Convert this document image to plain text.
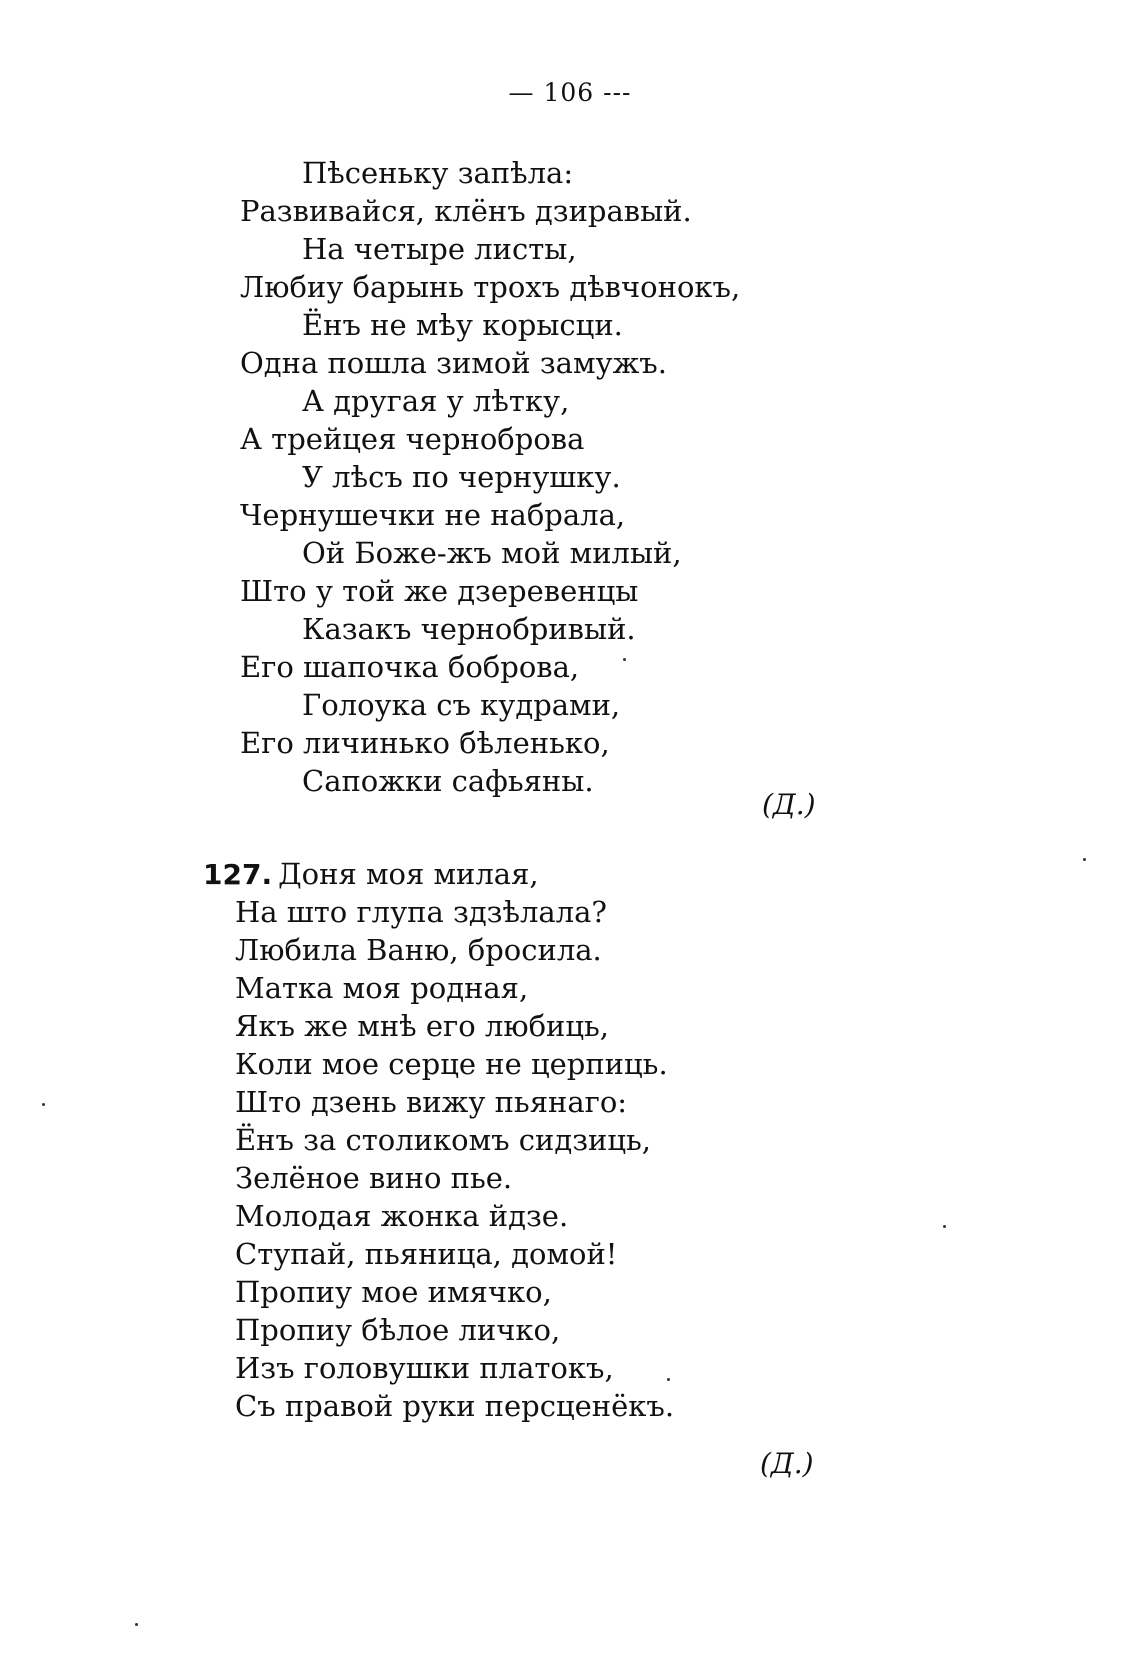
— 106 ---
Пѣсеньку запѣла:
Развивайся, клёнъ дзиравый.
На четыре листы,
Любиу барынь трохъ дѣвчонокъ,
Ёнъ не мѣу корысци.
Одна пошла зимой замужъ.
А другая у лѣтку,
А трейцея черноброва
У лѣсъ по чернушку.
Чернушечки не набрала,
Ой Боже-жъ мой милый,
Што у той же дзеревенцы
Казакъ чернобривый.
Его шапочка боброва,
Голоука съ кудрами,
Его личинько бѣленько,
Сапожки сафьяны.
(Д.)
127. Доня моя милая,
На што глупа здзѣлала?
Любила Ваню, бросила.
Матка моя родная,
Якъ же мнѣ его любиць,
Коли мое серце не церпиць.
Што дзень вижу пьянаго:
Ёнъ за столикомъ сидзиць,
Зелёное вино пье.
Молодая жонка йдзе.
Ступай, пьяница, домой!
Пропиу мое имячко,
Пропиу бѣлое личко,
Изъ головушки платокъ,
Съ правой руки персценёкъ.
(Д.)
